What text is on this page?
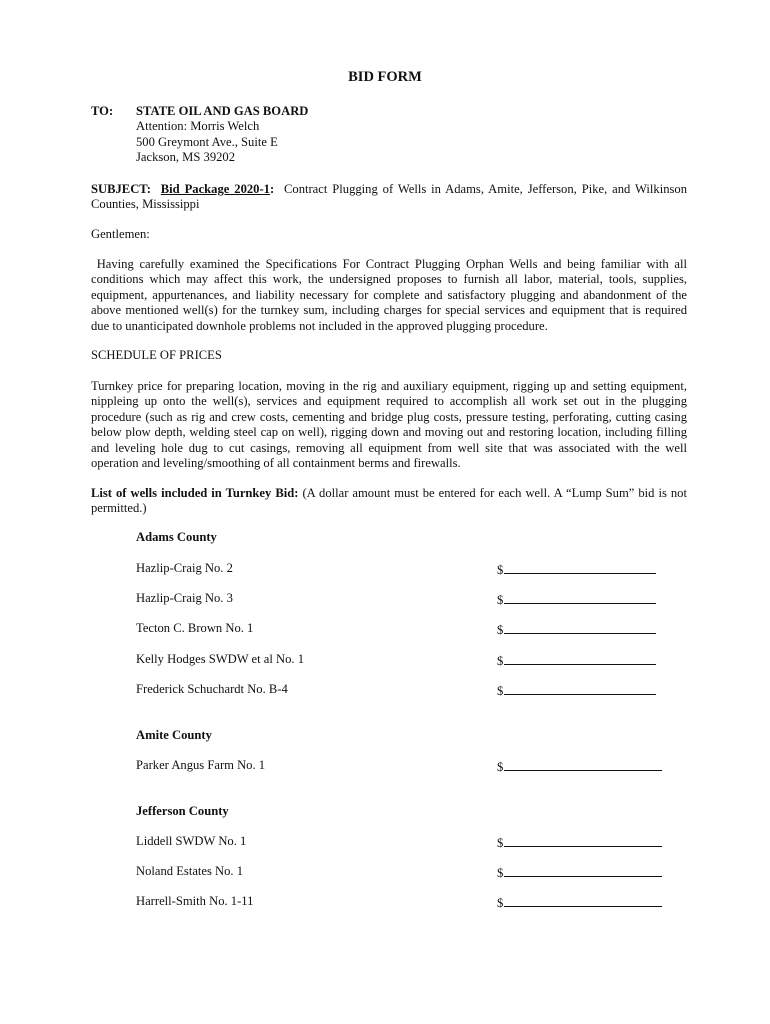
BID FORM
TO: STATE OIL AND GAS BOARD
Attention: Morris Welch
500 Greymont Ave., Suite E
Jackson, MS 39202
SUBJECT: Bid Package 2020-1: Contract Plugging of Wells in Adams, Amite, Jefferson, Pike, and Wilkinson Counties, Mississippi
Gentlemen:
Having carefully examined the Specifications For Contract Plugging Orphan Wells and being familiar with all conditions which may affect this work, the undersigned proposes to furnish all labor, material, tools, supplies, equipment, appurtenances, and liability necessary for complete and satisfactory plugging and abandonment of the above mentioned well(s) for the turnkey sum, including charges for special services and equipment that is required due to unanticipated downhole problems not included in the approved plugging procedure.
SCHEDULE OF PRICES
Turnkey price for preparing location, moving in the rig and auxiliary equipment, rigging up and setting equipment, nippleing up onto the well(s), services and equipment required to accomplish all work set out in the plugging procedure (such as rig and crew costs, cementing and bridge plug costs, pressure testing, perforating, cutting casing below plow depth, welding steel cap on well), rigging down and moving out and restoring location, including filling and leveling hole dug to cut casings, removing all equipment from well site that was associated with the well operation and leveling/smoothing of all containment berms and firewalls.
List of wells included in Turnkey Bid: (A dollar amount must be entered for each well. A “Lump Sum” bid is not permitted.)
Adams County
Hazlip-Craig No. 2	$
Hazlip-Craig No. 3	$
Tecton C. Brown No. 1	$
Kelly Hodges SWDW et al No. 1	$
Frederick Schuchardt No. B-4	$
Amite County
Parker Angus Farm No. 1	$
Jefferson County
Liddell SWDW No. 1	$
Noland Estates No. 1	$
Harrell-Smith No. 1-11	$
